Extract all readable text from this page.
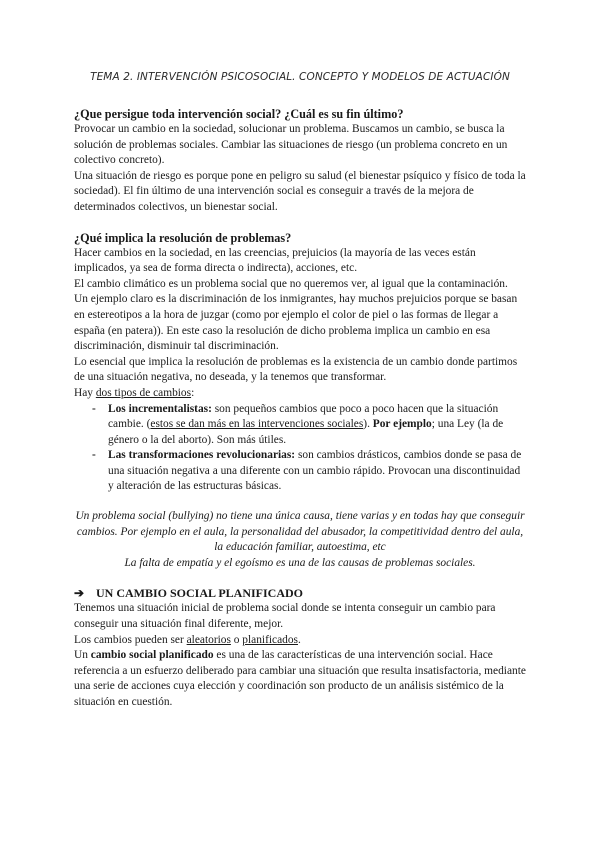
TEMA 2. INTERVENCIÓN PSICOSOCIAL. CONCEPTO Y MODELOS DE ACTUACIÓN
¿Que persigue toda intervención social? ¿Cuál es su fin último?

Provocar un cambio en la sociedad, solucionar un problema. Buscamos un cambio, se busca la solución de problemas sociales. Cambiar las situaciones de riesgo (un problema concreto en un colectivo concreto).

Una situación de riesgo es porque pone en peligro su salud (el bienestar psíquico y físico de toda la sociedad). El fin último de una intervención social es conseguir a través de la mejora de determinados colectivos, un bienestar social.

¿Qué implica la resolución de problemas?

Hacer cambios en la sociedad, en las creencias, prejuicios (la mayoría de las veces están implicados, ya sea de forma directa o indirecta), acciones, etc.

El cambio climático es un problema social que no queremos ver, al igual que la contaminación.

Un ejemplo claro es la discriminación de los inmigrantes, hay muchos prejuicios porque se basan en estereotipos a la hora de juzgar (como por ejemplo el color de piel o las formas de llegar a españa (en patera)). En este caso la resolución de dicho problema implica un cambio en esa discriminación, disminuir tal discriminación.

Lo esencial que implica la resolución de problemas es la existencia de un cambio donde partimos de una situación negativa, no deseada, y la tenemos que transformar.

Hay dos tipos de cambios:

- Los incrementalistas: son pequeños cambios que poco a poco hacen que la situación cambie. (estos se dan más en las intervenciones sociales). Por ejemplo; una Ley (la de género o la del aborto). Son más útiles.
- Las transformaciones revolucionarias: son cambios drásticos, cambios donde se pasa de una situación negativa a una diferente con un cambio rápido. Provocan una discontinuidad y alteración de las estructuras básicas.

Un problema social (bullying) no tiene una única causa, tiene varias y en todas hay que conseguir cambios. Por ejemplo en el aula, la personalidad del abusador, la competitividad dentro del aula, la educación familiar, autoestima, etc

La falta de empatía y el egoísmo es una de las causas de problemas sociales.

➔ UN CAMBIO SOCIAL PLANIFICADO

Tenemos una situación inicial de problema social donde se intenta conseguir un cambio para conseguir una situación final diferente, mejor.

Los cambios pueden ser aleatorios o planificados.

Un cambio social planificado es una de las características de una intervención social. Hace referencia a un esfuerzo deliberado para cambiar una situación que resulta insatisfactoria, mediante una serie de acciones cuya elección y coordinación son producto de un análisis sistémico de la situación en cuestión.
